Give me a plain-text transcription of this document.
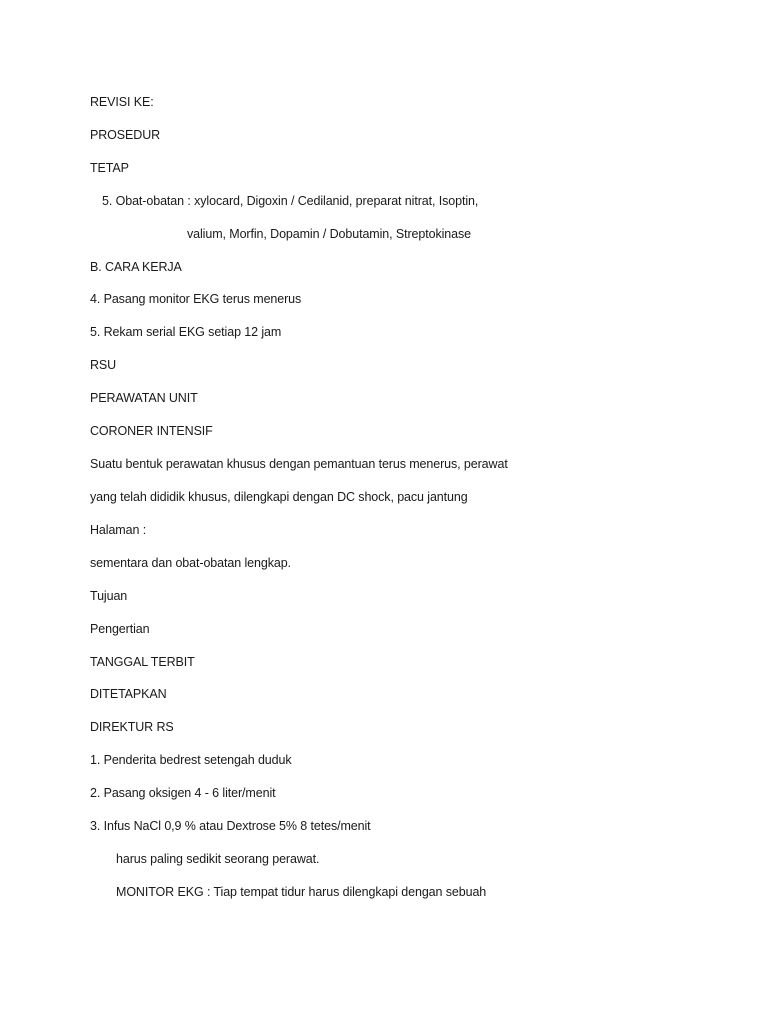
REVISI KE:
PROSEDUR
TETAP
5. Obat-obatan : xylocard, Digoxin / Cedilanid, preparat nitrat, Isoptin,
valium, Morfin, Dopamin / Dobutamin, Streptokinase
B. CARA KERJA
4. Pasang monitor EKG terus menerus
5. Rekam serial EKG setiap 12 jam
RSU
PERAWATAN UNIT
CORONER INTENSIF
Suatu bentuk perawatan khusus dengan pemantuan terus menerus, perawat
yang telah dididik khusus, dilengkapi dengan DC shock, pacu jantung
Halaman :
sementara dan obat-obatan lengkap.
Tujuan
Pengertian
TANGGAL TERBIT
DITETAPKAN
DIREKTUR RS
1. Penderita bedrest setengah duduk
2. Pasang oksigen 4 - 6 liter/menit
3. Infus NaCl 0,9 % atau Dextrose 5% 8 tetes/menit
harus paling sedikit seorang perawat.
MONITOR EKG : Tiap tempat tidur harus dilengkapi dengan sebuah
